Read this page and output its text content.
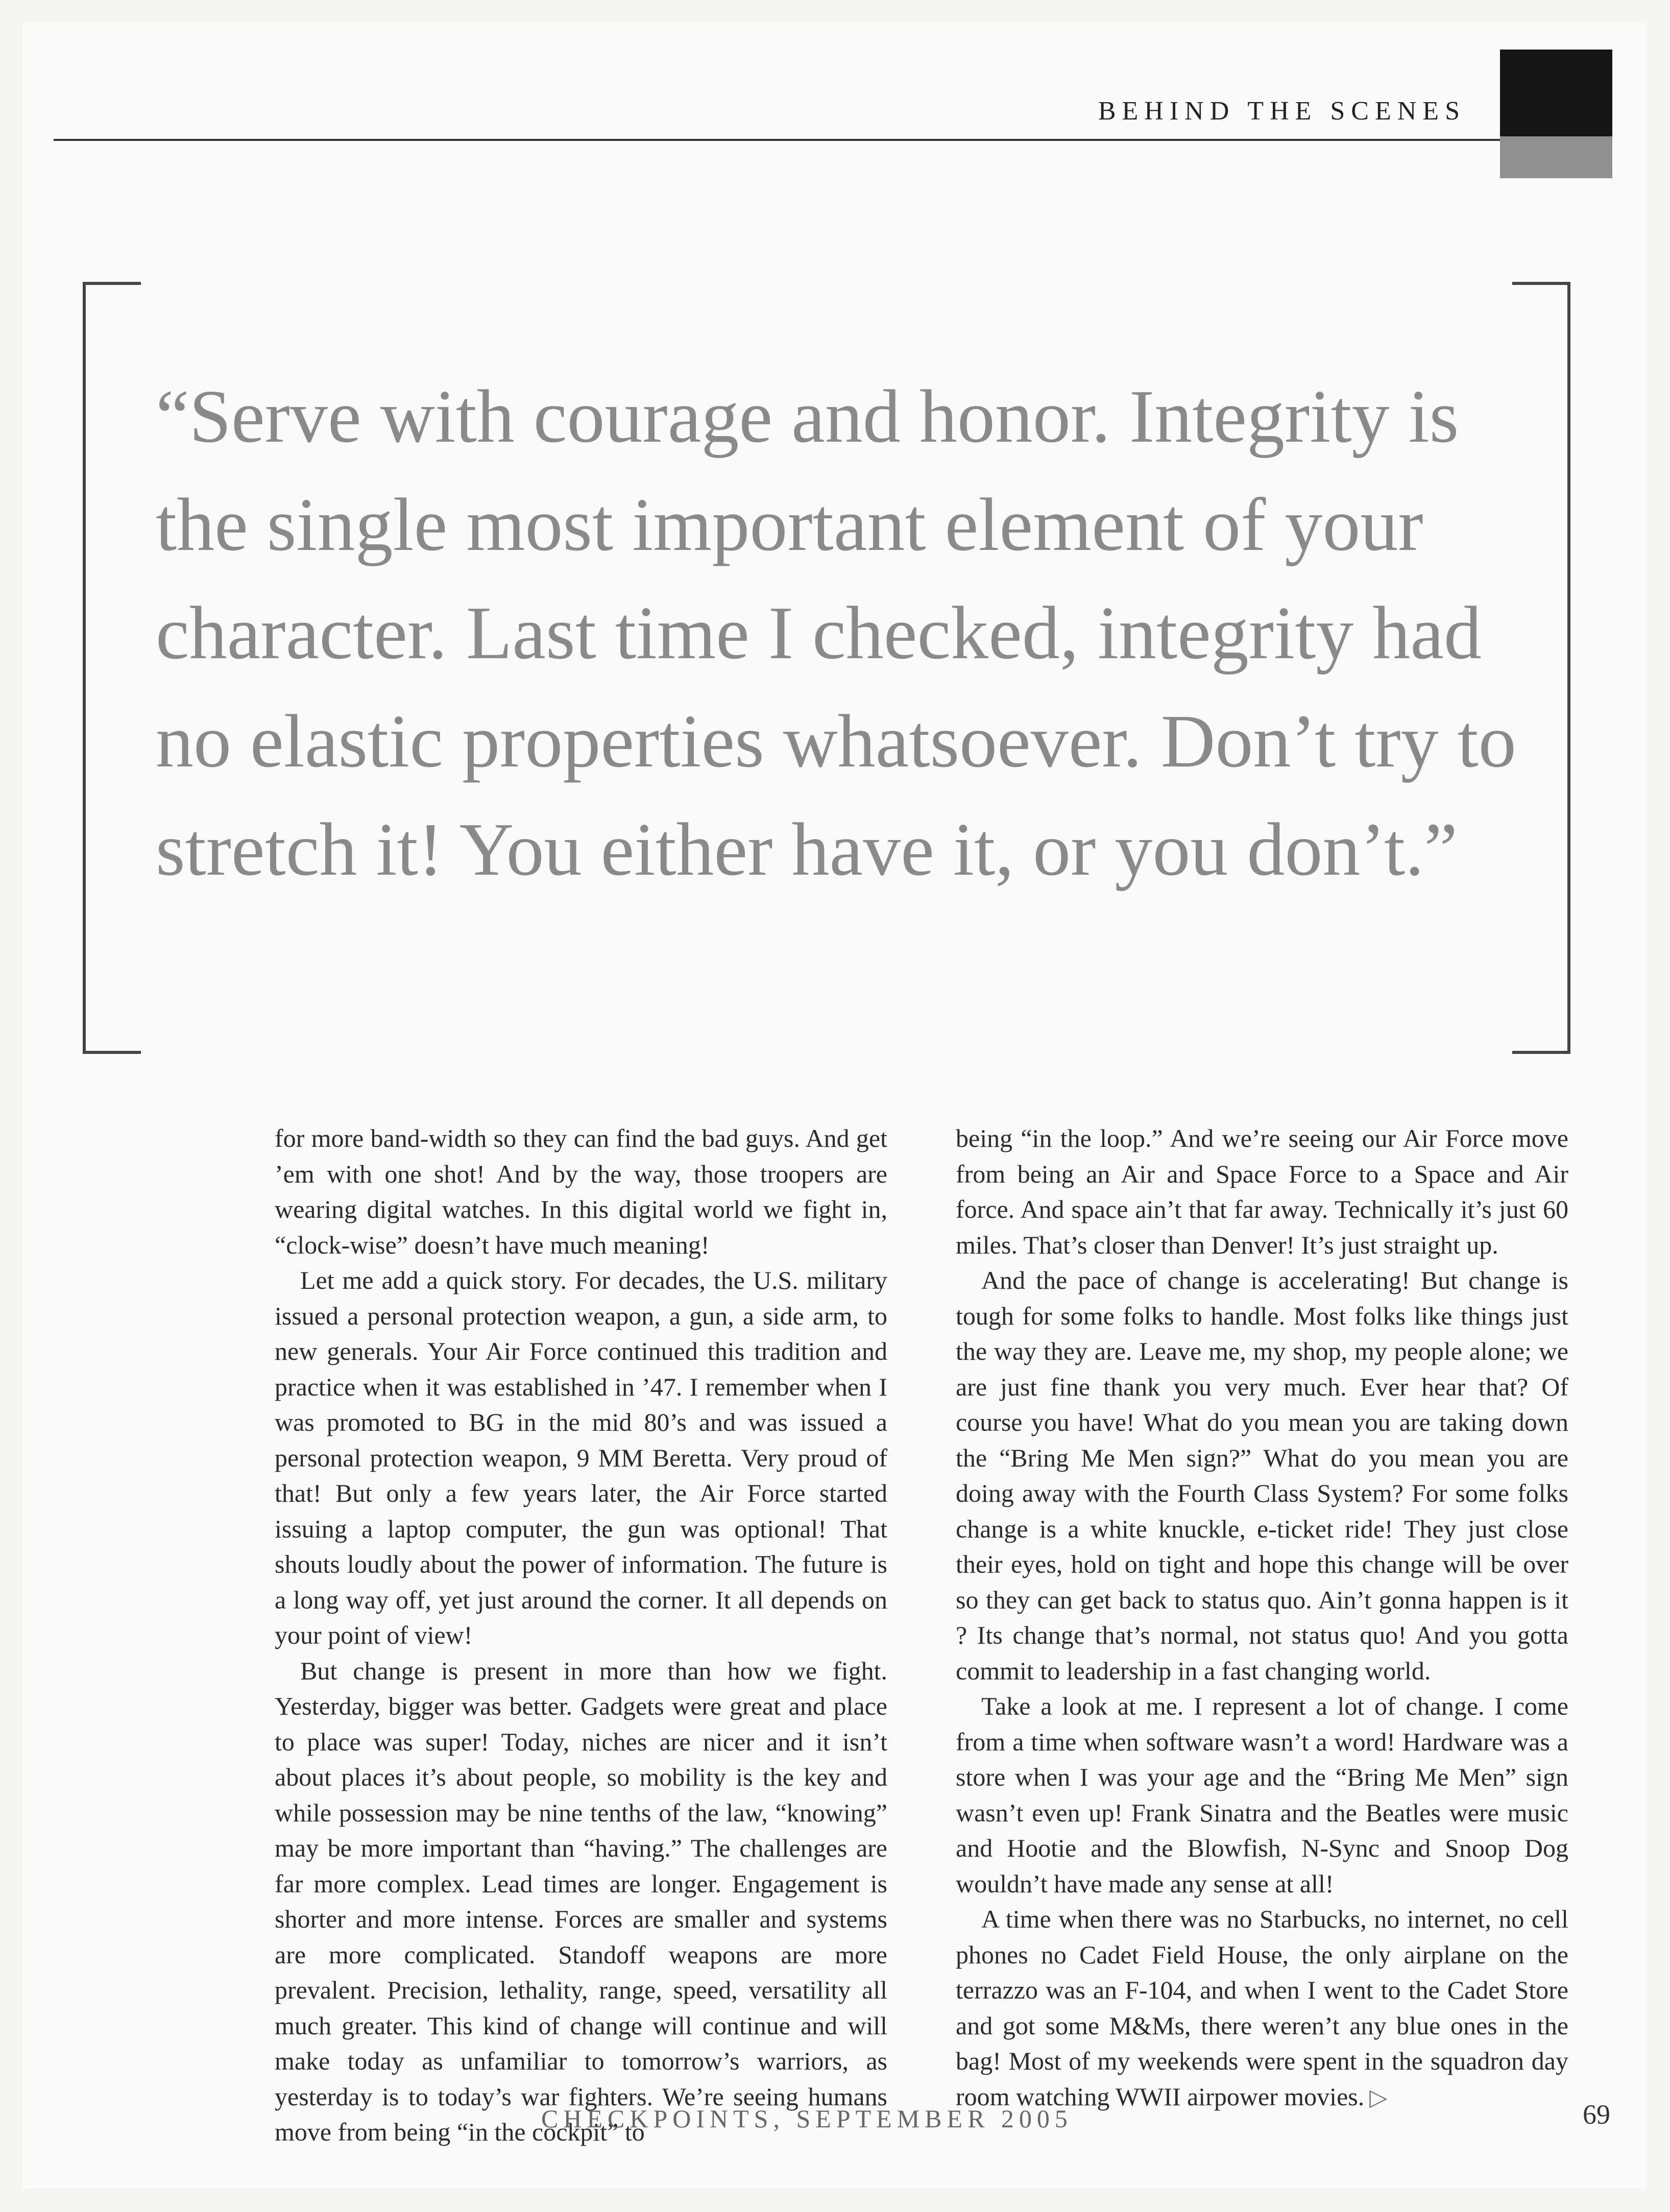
BEHIND THE SCENES

“Serve with courage and honor. Integrity is the single most important element of your character. Last time I checked, integrity had no elastic properties whatsoever. Don’t try to stretch it! You either have it, or you don’t.”

for more band-width so they can find the bad guys. And get ’em with one shot! And by the way, those troopers are wearing digital watches. In this digital world we fight in, “clock-wise” doesn’t have much meaning!

Let me add a quick story. For decades, the U.S. military issued a personal protection weapon, a gun, a side arm, to new generals. Your Air Force continued this tradition and practice when it was established in ’47. I remember when I was promoted to BG in the mid 80’s and was issued a personal protection weapon, 9 MM Beretta. Very proud of that! But only a few years later, the Air Force started issuing a laptop computer, the gun was optional! That shouts loudly about the power of information. The future is a long way off, yet just around the corner. It all depends on your point of view!

But change is present in more than how we fight. Yesterday, bigger was better. Gadgets were great and place to place was super! Today, niches are nicer and it isn’t about places it’s about people, so mobility is the key and while possession may be nine tenths of the law, “knowing” may be more important than “having.” The challenges are far more complex. Lead times are longer. Engagement is shorter and more intense. Forces are smaller and systems are more complicated. Standoff weapons are more prevalent. Precision, lethality, range, speed, versatility all much greater. This kind of change will continue and will make today as unfamiliar to tomorrow’s warriors, as yesterday is to today’s war fighters. We’re seeing humans move from being “in the cockpit” to

being “in the loop.” And we’re seeing our Air Force move from being an Air and Space Force to a Space and Air force. And space ain’t that far away. Technically it’s just 60 miles. That’s closer than Denver! It’s just straight up.

And the pace of change is accelerating! But change is tough for some folks to handle. Most folks like things just the way they are. Leave me, my shop, my people alone; we are just fine thank you very much. Ever hear that? Of course you have! What do you mean you are taking down the “Bring Me Men sign?” What do you mean you are doing away with the Fourth Class System? For some folks change is a white knuckle, e-ticket ride! They just close their eyes, hold on tight and hope this change will be over so they can get back to status quo. Ain’t gonna happen is it ? Its change that’s normal, not status quo! And you gotta commit to leadership in a fast changing world.

Take a look at me. I represent a lot of change. I come from a time when software wasn’t a word! Hardware was a store when I was your age and the “Bring Me Men” sign wasn’t even up! Frank Sinatra and the Beatles were music and Hootie and the Blowfish, N-Sync and Snoop Dog wouldn’t have made any sense at all!

A time when there was no Starbucks, no internet, no cell phones no Cadet Field House, the only airplane on the terrazzo was an F-104, and when I went to the Cadet Store and got some M&Ms, there weren’t any blue ones in the bag! Most of my weekends were spent in the squadron day room watching WWII airpower movies. ▷

CHECKPOINTS, SEPTEMBER 2005	69
